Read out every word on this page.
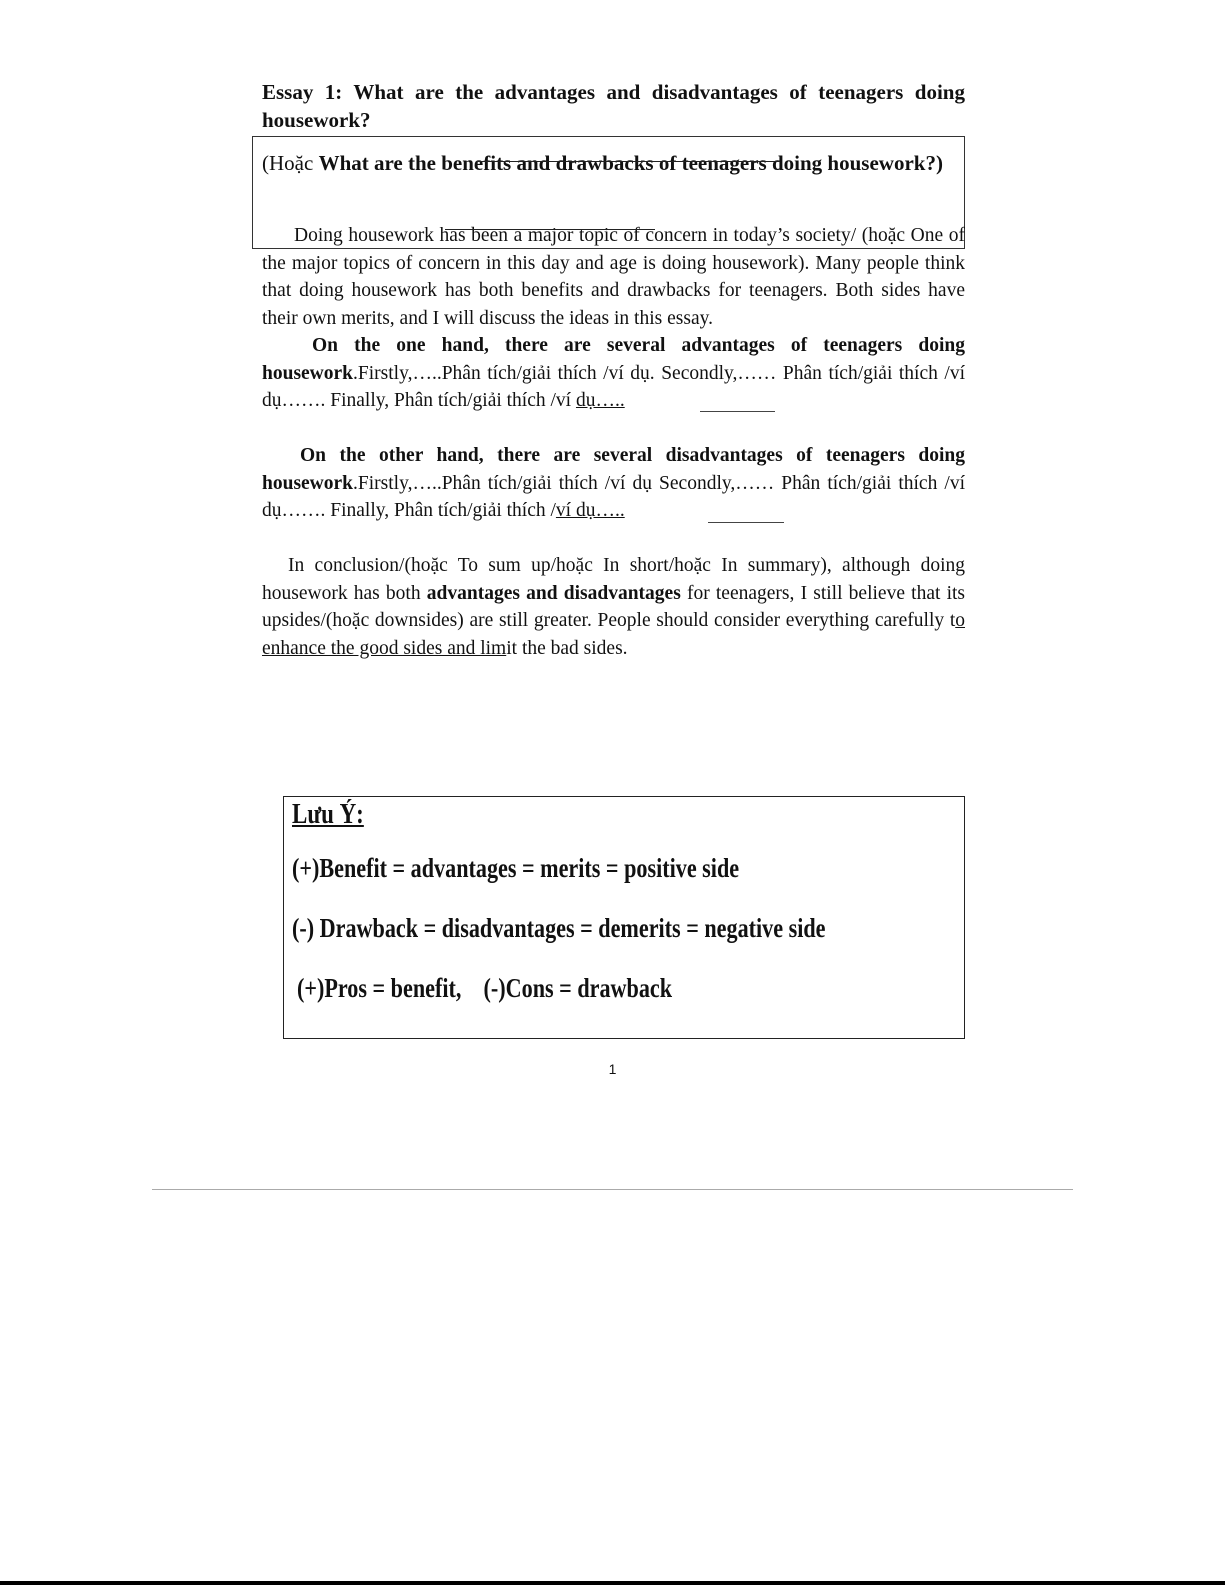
Essay 1: What are the advantages and disadvantages of teenagers doing housework?
(Hoặc What are the benefits and drawbacks of teenagers doing housework?)
Doing housework has been a major topic of concern in today’s society/ (hoặc One of the major topics of concern in this day and age is doing housework). Many people think that doing housework has both benefits and drawbacks for teenagers. Both sides have their own merits, and I will discuss the ideas in this essay.
On the one hand, there are several advantages of teenagers doing housework.Firstly,…..Phân tích/giải thích /ví dụ. Secondly,…… Phân tích/giải thích /ví dụ……. Finally, Phân tích/giải thích /ví dụ…..
On the other hand, there are several disadvantages of teenagers doing housework.Firstly,…..Phân tích/giải thích /ví dụ Secondly,…… Phân tích/giải thích /ví dụ……. Finally, Phân tích/giải thích /ví dụ…..
In conclusion/(hoặc To sum up/hoặc In short/hoặc In summary), although doing housework has both advantages and disadvantages for teenagers, I still believe that its upsides/(hoặc downsides) are still greater. People should consider everything carefully to enhance the good sides and limit the bad sides.
Lưu Ý:
(+)Benefit = advantages = merits = positive side
(-) Drawback = disadvantages = demerits = negative side
(+)Pros = benefit,    (-)Cons = drawback
1
